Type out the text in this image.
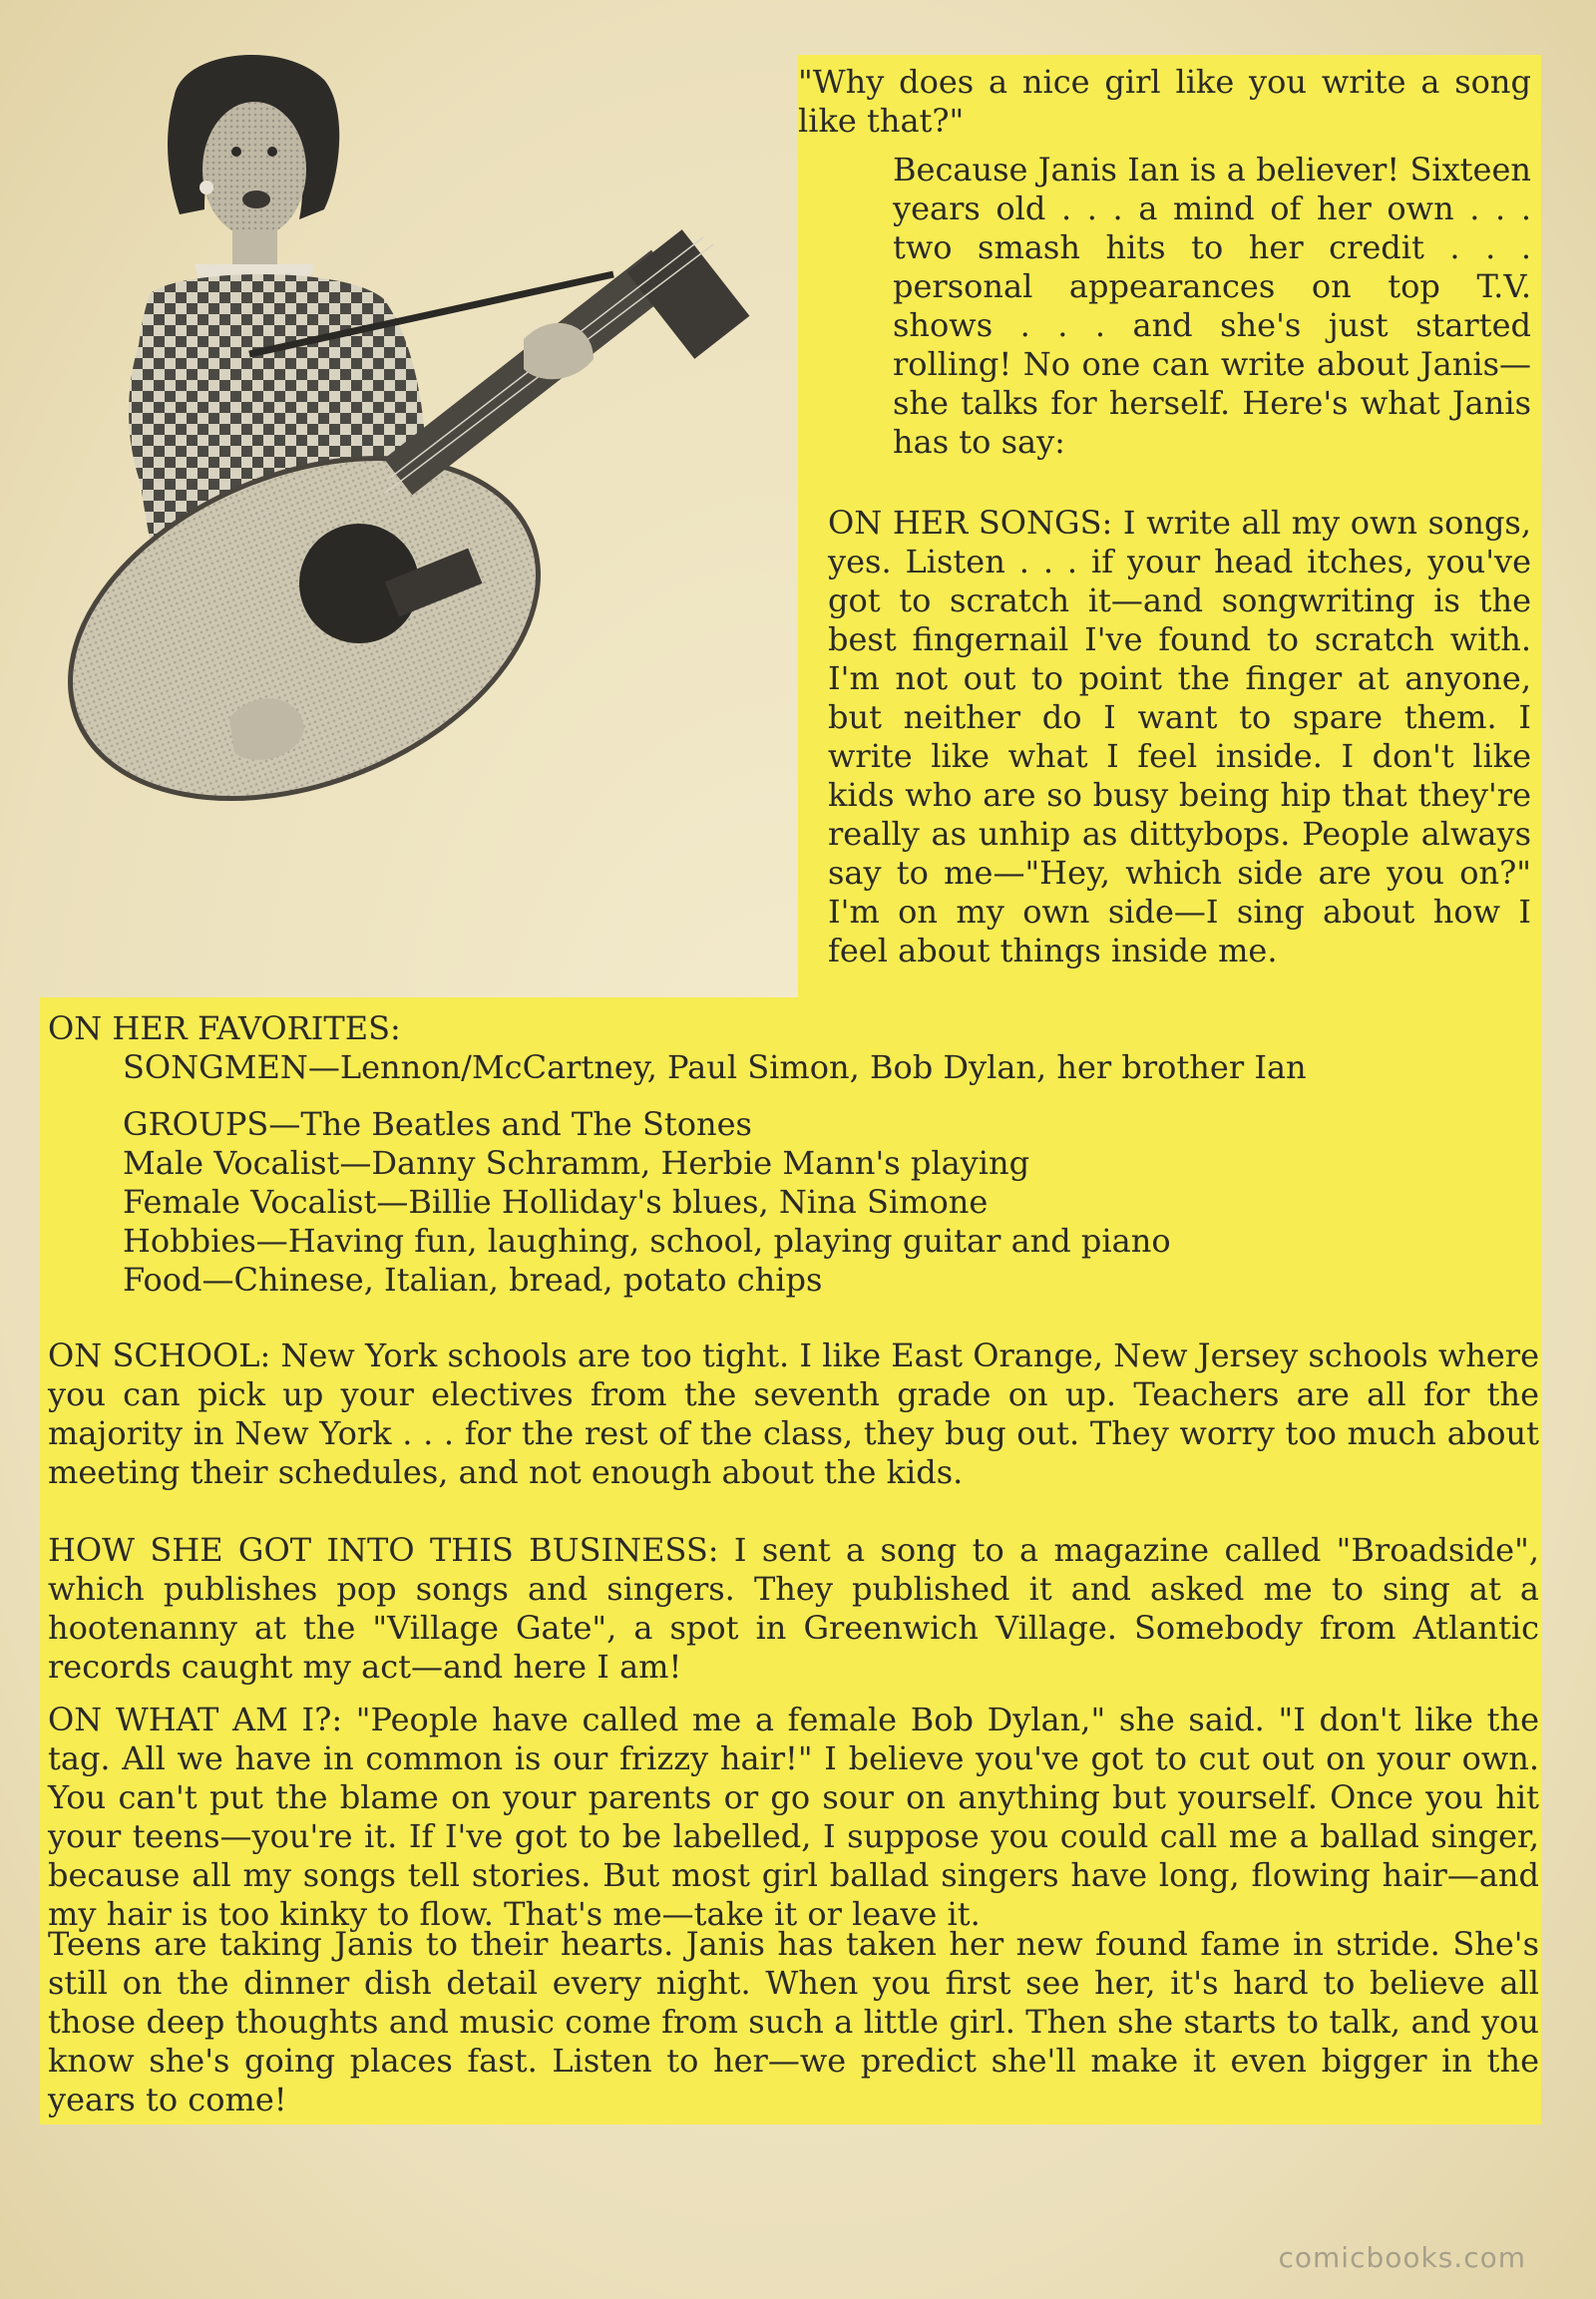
"Why does a nice girl like you write a song like that?"

Because Janis Ian is a believer! Sixteen years old . . . a mind of her own . . . two smash hits to her credit . . . personal appearances on top T.V. shows . . . and she's just started rolling! No one can write about Janis—she talks for herself. Here's what Janis has to say:

ON HER SONGS: I write all my own songs, yes. Listen . . . if your head itches, you've got to scratch it—and songwriting is the best fingernail I've found to scratch with. I'm not out to point the finger at anyone, but neither do I want to spare them. I write like what I feel inside. I don't like kids who are so busy being hip that they're really as unhip as dittybops. People always say to me—"Hey, which side are you on?" I'm on my own side—I sing about how I feel about things inside me.

ON HER FAVORITES:
SONGMEN—Lennon/McCartney, Paul Simon, Bob Dylan, her brother Ian
GROUPS—The Beatles and The Stones
Male Vocalist—Danny Schramm, Herbie Mann's playing
Female Vocalist—Billie Holliday's blues, Nina Simone
Hobbies—Having fun, laughing, school, playing guitar and piano
Food—Chinese, Italian, bread, potato chips

ON SCHOOL: New York schools are too tight. I like East Orange, New Jersey schools where you can pick up your electives from the seventh grade on up. Teachers are all for the majority in New York . . . for the rest of the class, they bug out. They worry too much about meeting their schedules, and not enough about the kids.

HOW SHE GOT INTO THIS BUSINESS: I sent a song to a magazine called "Broadside", which publishes pop songs and singers. They published it and asked me to sing at a hootenanny at the "Village Gate", a spot in Greenwich Village. Somebody from Atlantic records caught my act—and here I am!

ON WHAT AM I?: "People have called me a female Bob Dylan," she said. "I don't like the tag. All we have in common is our frizzy hair!" I believe you've got to cut out on your own. You can't put the blame on your parents or go sour on anything but yourself. Once you hit your teens—you're it. If I've got to be labelled, I suppose you could call me a ballad singer, because all my songs tell stories. But most girl ballad singers have long, flowing hair—and my hair is too kinky to flow. That's me—take it or leave it.

Teens are taking Janis to their hearts. Janis has taken her new found fame in stride. She's still on the dinner dish detail every night. When you first see her, it's hard to believe all those deep thoughts and music come from such a little girl. Then she starts to talk, and you know she's going places fast. Listen to her—we predict she'll make it even bigger in the years to come!

comicbooks.com
